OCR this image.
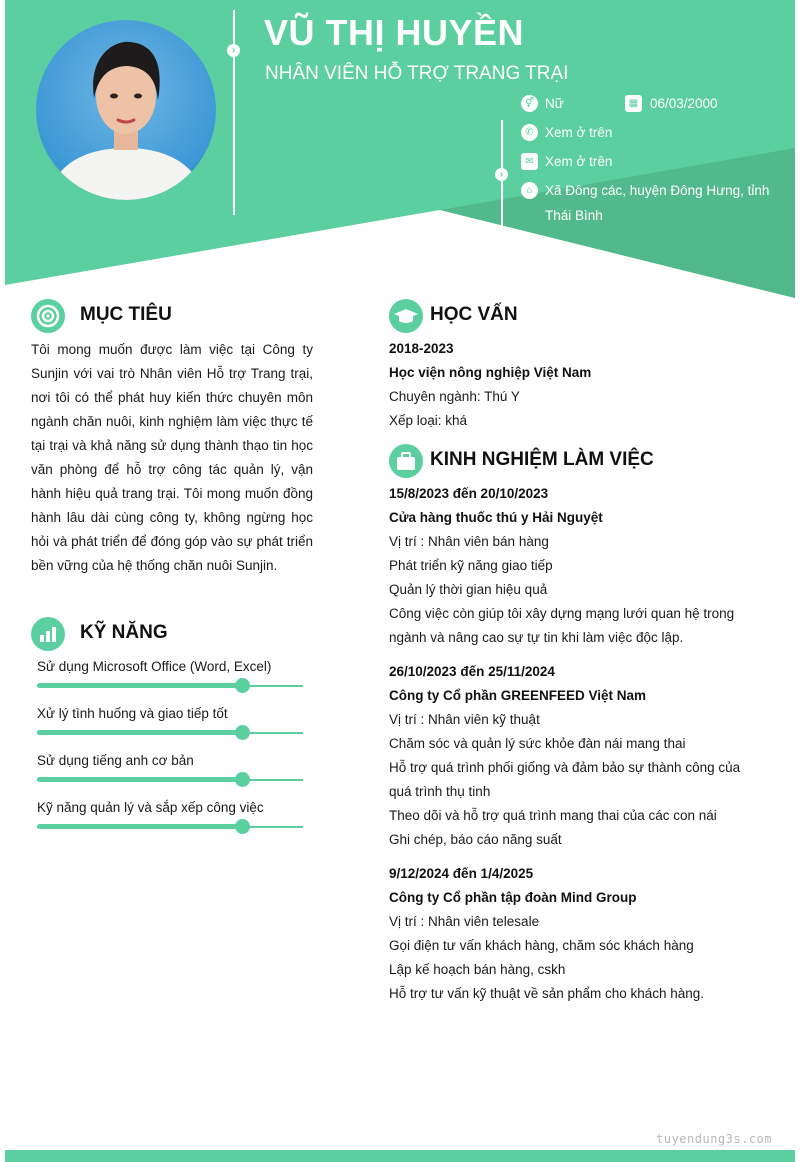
› VŨ THỊ HUYỀN
NHÂN VIÊN HỖ TRỢ TRANG TRẠI
›
⚥ Nữ	▦ 06/03/2000
✆ Xem ở trên
✉ Xem ở trên
⌂ Xã Đông các, huyện Đông Hưng, tỉnh
Thái Bình
MỤC TIÊU
Tôi mong muốn được làm việc tại Công ty Sunjin với vai trò Nhân viên Hỗ trợ Trang trại, nơi tôi có thể phát huy kiến thức chuyên môn ngành chăn nuôi, kinh nghiệm làm việc thực tế tại trại và khả năng sử dụng thành thạo tin học văn phòng để hỗ trợ công tác quản lý, vận hành hiệu quả trang trại. Tôi mong muốn đồng hành lâu dài cùng công ty, không ngừng học hỏi và phát triển để đóng góp vào sự phát triển bền vững của hệ thống chăn nuôi Sunjin.
KỸ NĂNG
Sử dụng Microsoft Office (Word, Excel)
Xử lý tình huống và giao tiếp tốt
Sử dụng tiếng anh cơ bản
Kỹ năng quản lý và sắp xếp công việc
HỌC VẤN
2018-2023
Học viện nông nghiệp Việt Nam
Chuyên ngành: Thú Y
Xếp loại: khá
KINH NGHIỆM LÀM VIỆC
15/8/2023 đến 20/10/2023
Cửa hàng thuốc thú y Hải Nguyệt
Vị trí : Nhân viên bán hàng
Phát triển kỹ năng giao tiếp
Quản lý thời gian hiệu quả
Công việc còn giúp tôi xây dựng mạng lưới quan hệ trong
ngành và nâng cao sự tự tin khi làm việc độc lập.
26/10/2023 đến 25/11/2024
Công ty Cổ phần GREENFEED Việt Nam
Vị trí : Nhân viên kỹ thuật
Chăm sóc và quản lý sức khỏe đàn nái mang thai
Hỗ trợ quá trình phối giống và đảm bảo sự thành công của
quá trình thụ tinh
Theo dõi và hỗ trợ quá trình mang thai của các con nái
Ghi chép, báo cáo năng suất
9/12/2024 đến 1/4/2025
Công ty Cổ phần tập đoàn Mind Group
Vị trí : Nhân viên telesale
Gọi điện tư vấn khách hàng, chăm sóc khách hàng
Lập kế hoạch bán hàng, cskh
Hỗ trợ tư vấn kỹ thuật về sản phẩm cho khách hàng.
tuyendung3s.com
